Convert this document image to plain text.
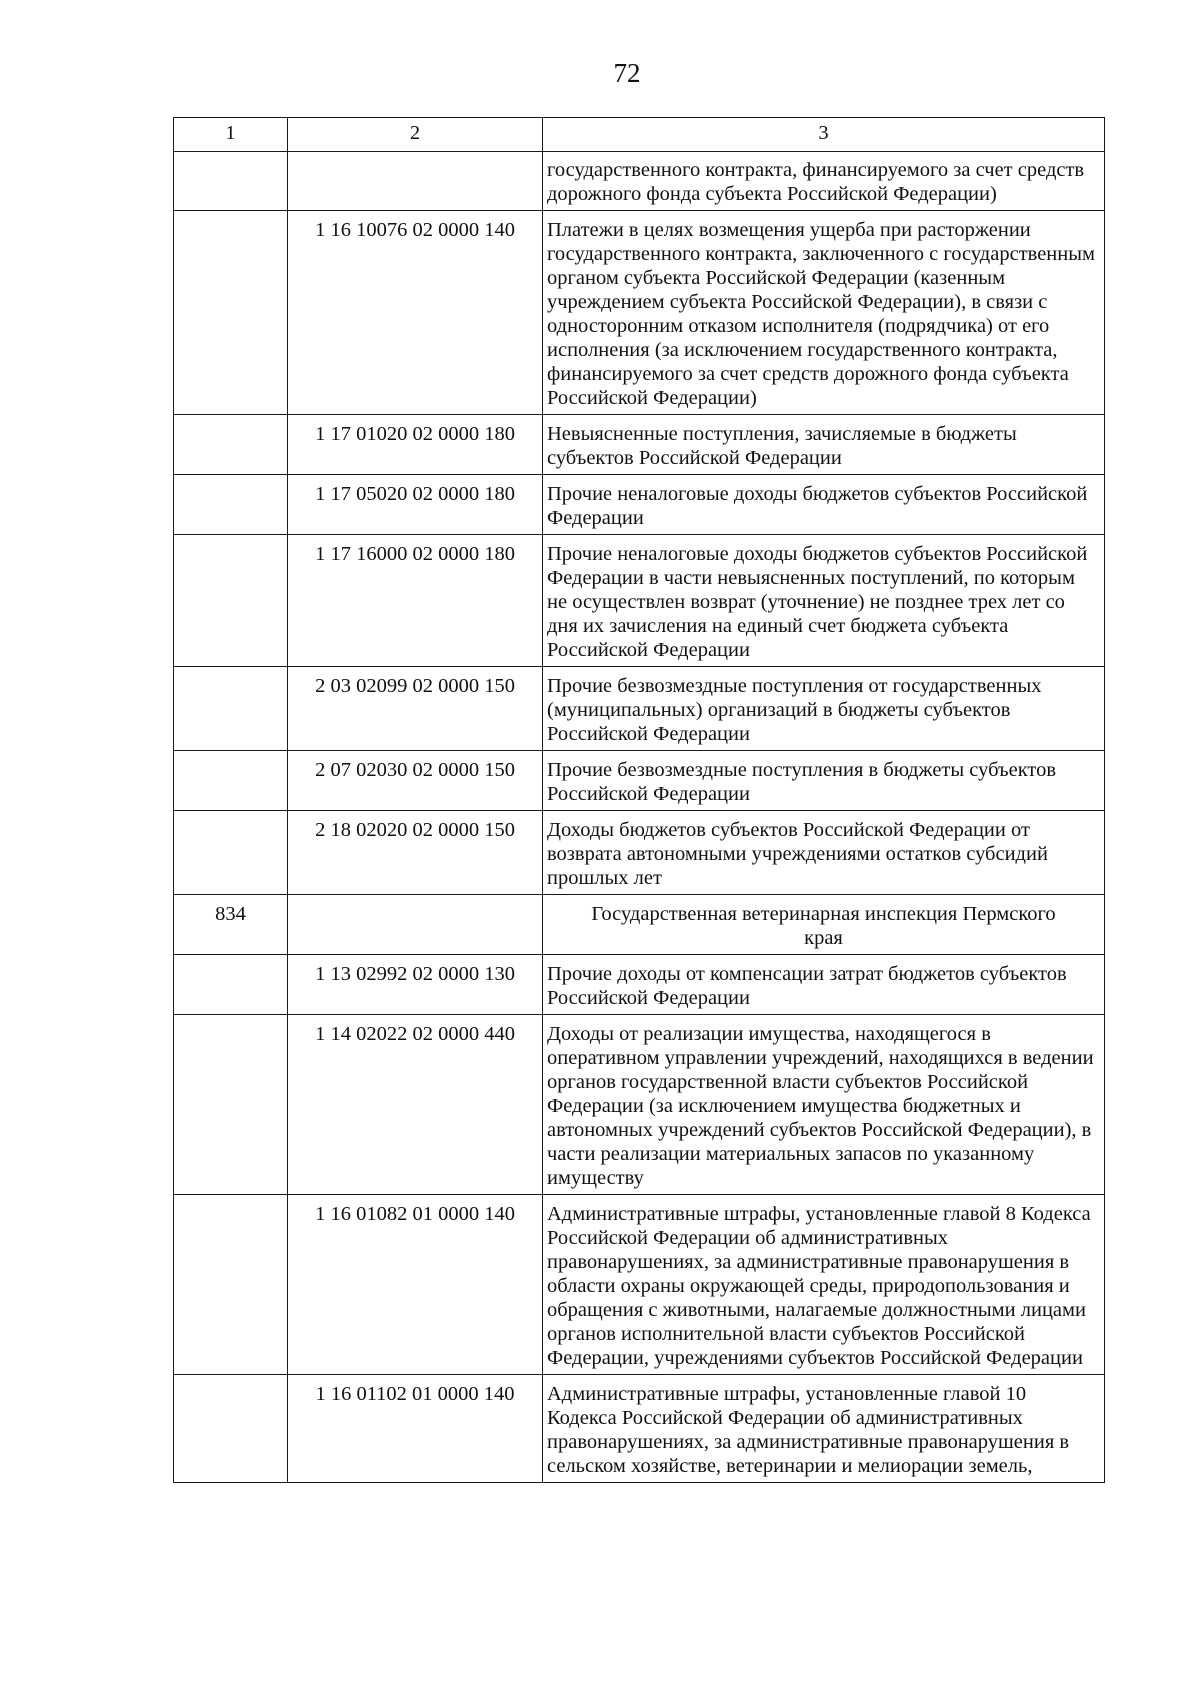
72
1	2	3
		государственного контракта, финансируемого за счет средств дорожного фонда субъекта Российской Федерации)
	1 16 10076 02 0000 140	Платежи в целях возмещения ущерба при расторжении государственного контракта, заключенного с государственным органом субъекта Российской Федерации (казенным учреждением субъекта Российской Федерации), в связи с односторонним отказом исполнителя (подрядчика) от его исполнения (за исключением государственного контракта, финансируемого за счет средств дорожного фонда субъекта Российской Федерации)
	1 17 01020 02 0000 180	Невыясненные поступления, зачисляемые в бюджеты субъектов Российской Федерации
	1 17 05020 02 0000 180	Прочие неналоговые доходы бюджетов субъектов Российской Федерации
	1 17 16000 02 0000 180	Прочие неналоговые доходы бюджетов субъектов Российской Федерации в части невыясненных поступлений, по которым не осуществлен возврат (уточнение) не позднее трех лет со дня их зачисления на единый счет бюджета субъекта Российской Федерации
	2 03 02099 02 0000 150	Прочие безвозмездные поступления от государственных (муниципальных) организаций в бюджеты субъектов Российской Федерации
	2 07 02030 02 0000 150	Прочие безвозмездные поступления в бюджеты субъектов Российской Федерации
	2 18 02020 02 0000 150	Доходы бюджетов субъектов Российской Федерации от возврата автономными учреждениями остатков субсидий прошлых лет
834		Государственная ветеринарная инспекция Пермского края
	1 13 02992 02 0000 130	Прочие доходы от компенсации затрат бюджетов субъектов Российской Федерации
	1 14 02022 02 0000 440	Доходы от реализации имущества, находящегося в оперативном управлении учреждений, находящихся в ведении органов государственной власти субъектов Российской Федерации (за исключением имущества бюджетных и автономных учреждений субъектов Российской Федерации), в части реализации материальных запасов по указанному имуществу
	1 16 01082 01 0000 140	Административные штрафы, установленные главой 8 Кодекса Российской Федерации об административных правонарушениях, за административные правонарушения в области охраны окружающей среды, природопользования и обращения с животными, налагаемые должностными лицами органов исполнительной власти субъектов Российской Федерации, учреждениями субъектов Российской Федерации
	1 16 01102 01 0000 140	Административные штрафы, установленные главой 10 Кодекса Российской Федерации об административных правонарушениях, за административные правонарушения в сельском хозяйстве, ветеринарии и мелиорации земель,
